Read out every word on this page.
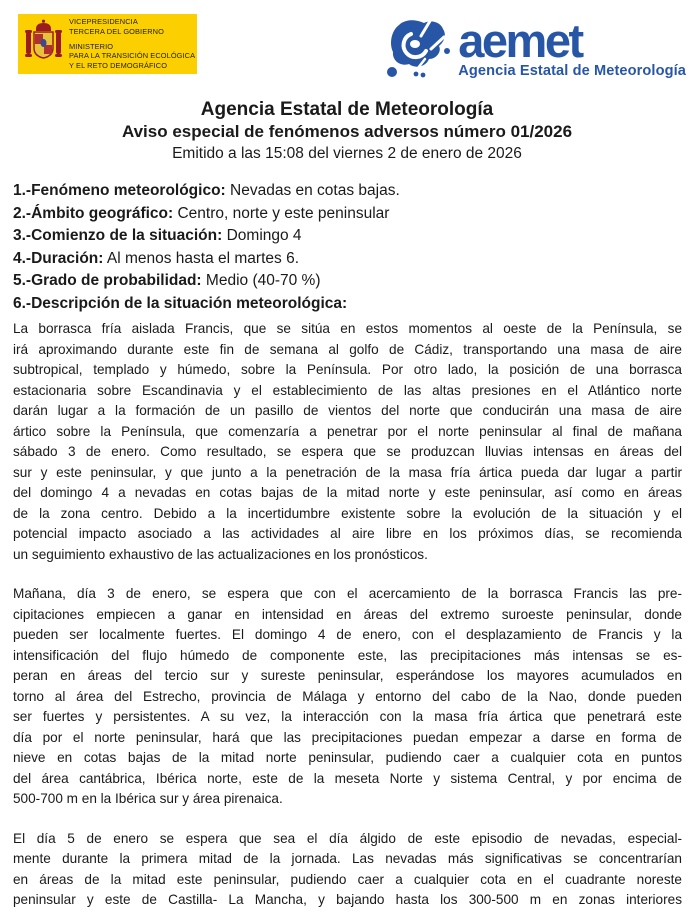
VICEPRESIDENCIA
TERCERA DEL GOBIERNO
MINISTERIO
PARA LA TRANSICIÓN ECOLÓGICA
Y EL RETO DEMOGRÁFICO	aemet
Agencia Estatal de Meteorología
Agencia Estatal de Meteorología
Aviso especial de fenómenos adversos número 01/2026
Emitido a las 15:08 del viernes 2 de enero de 2026
1.-Fenómeno meteorológico: Nevadas en cotas bajas.
2.-Ámbito geográfico: Centro, norte y este peninsular
3.-Comienzo de la situación: Domingo 4
4.-Duración: Al menos hasta el martes 6.
5.-Grado de probabilidad: Medio (40-70 %)
6.-Descripción de la situación meteorológica:
La borrasca fría aislada Francis, que se sitúa en estos momentos al oeste de la Península, se
irá aproximando durante este fin de semana al golfo de Cádiz, transportando una masa de aire
subtropical, templado y húmedo, sobre la Península. Por otro lado, la posición de una borrasca
estacionaria sobre Escandinavia y el establecimiento de las altas presiones en el Atlántico norte
darán lugar a la formación de un pasillo de vientos del norte que conducirán una masa de aire
ártico sobre la Península, que comenzaría a penetrar por el norte peninsular al final de mañana
sábado 3 de enero. Como resultado, se espera que se produzcan lluvias intensas en áreas del
sur y este peninsular, y que junto a la penetración de la masa fría ártica pueda dar lugar a partir
del domingo 4 a nevadas en cotas bajas de la mitad norte y este peninsular, así como en áreas
de la zona centro. Debido a la incertidumbre existente sobre la evolución de la situación y el
potencial impacto asociado a las actividades al aire libre en los próximos días, se recomienda
un seguimiento exhaustivo de las actualizaciones en los pronósticos.
Mañana, día 3 de enero, se espera que con el acercamiento de la borrasca Francis las pre-
cipitaciones empiecen a ganar en intensidad en áreas del extremo suroeste peninsular, donde
pueden ser localmente fuertes. El domingo 4 de enero, con el desplazamiento de Francis y la
intensificación del flujo húmedo de componente este, las precipitaciones más intensas se es-
peran en áreas del tercio sur y sureste peninsular, esperándose los mayores acumulados en
torno al área del Estrecho, provincia de Málaga y entorno del cabo de la Nao, donde pueden
ser fuertes y persistentes. A su vez, la interacción con la masa fría ártica que penetrará este
día por el norte peninsular, hará que las precipitaciones puedan empezar a darse en forma de
nieve en cotas bajas de la mitad norte peninsular, pudiendo caer a cualquier cota en puntos
del área cantábrica, Ibérica norte, este de la meseta Norte y sistema Central, y por encima de
500-700 m en la Ibérica sur y área pirenaica.
El día 5 de enero se espera que sea el día álgido de este episodio de nevadas, especial-
mente durante la primera mitad de la jornada. Las nevadas más significativas se concentrarían
en áreas de la mitad este peninsular, pudiendo caer a cualquier cota en el cuadrante noreste
peninsular y este de Castilla- La Mancha, y bajando hasta los 300-500 m en zonas interiores
